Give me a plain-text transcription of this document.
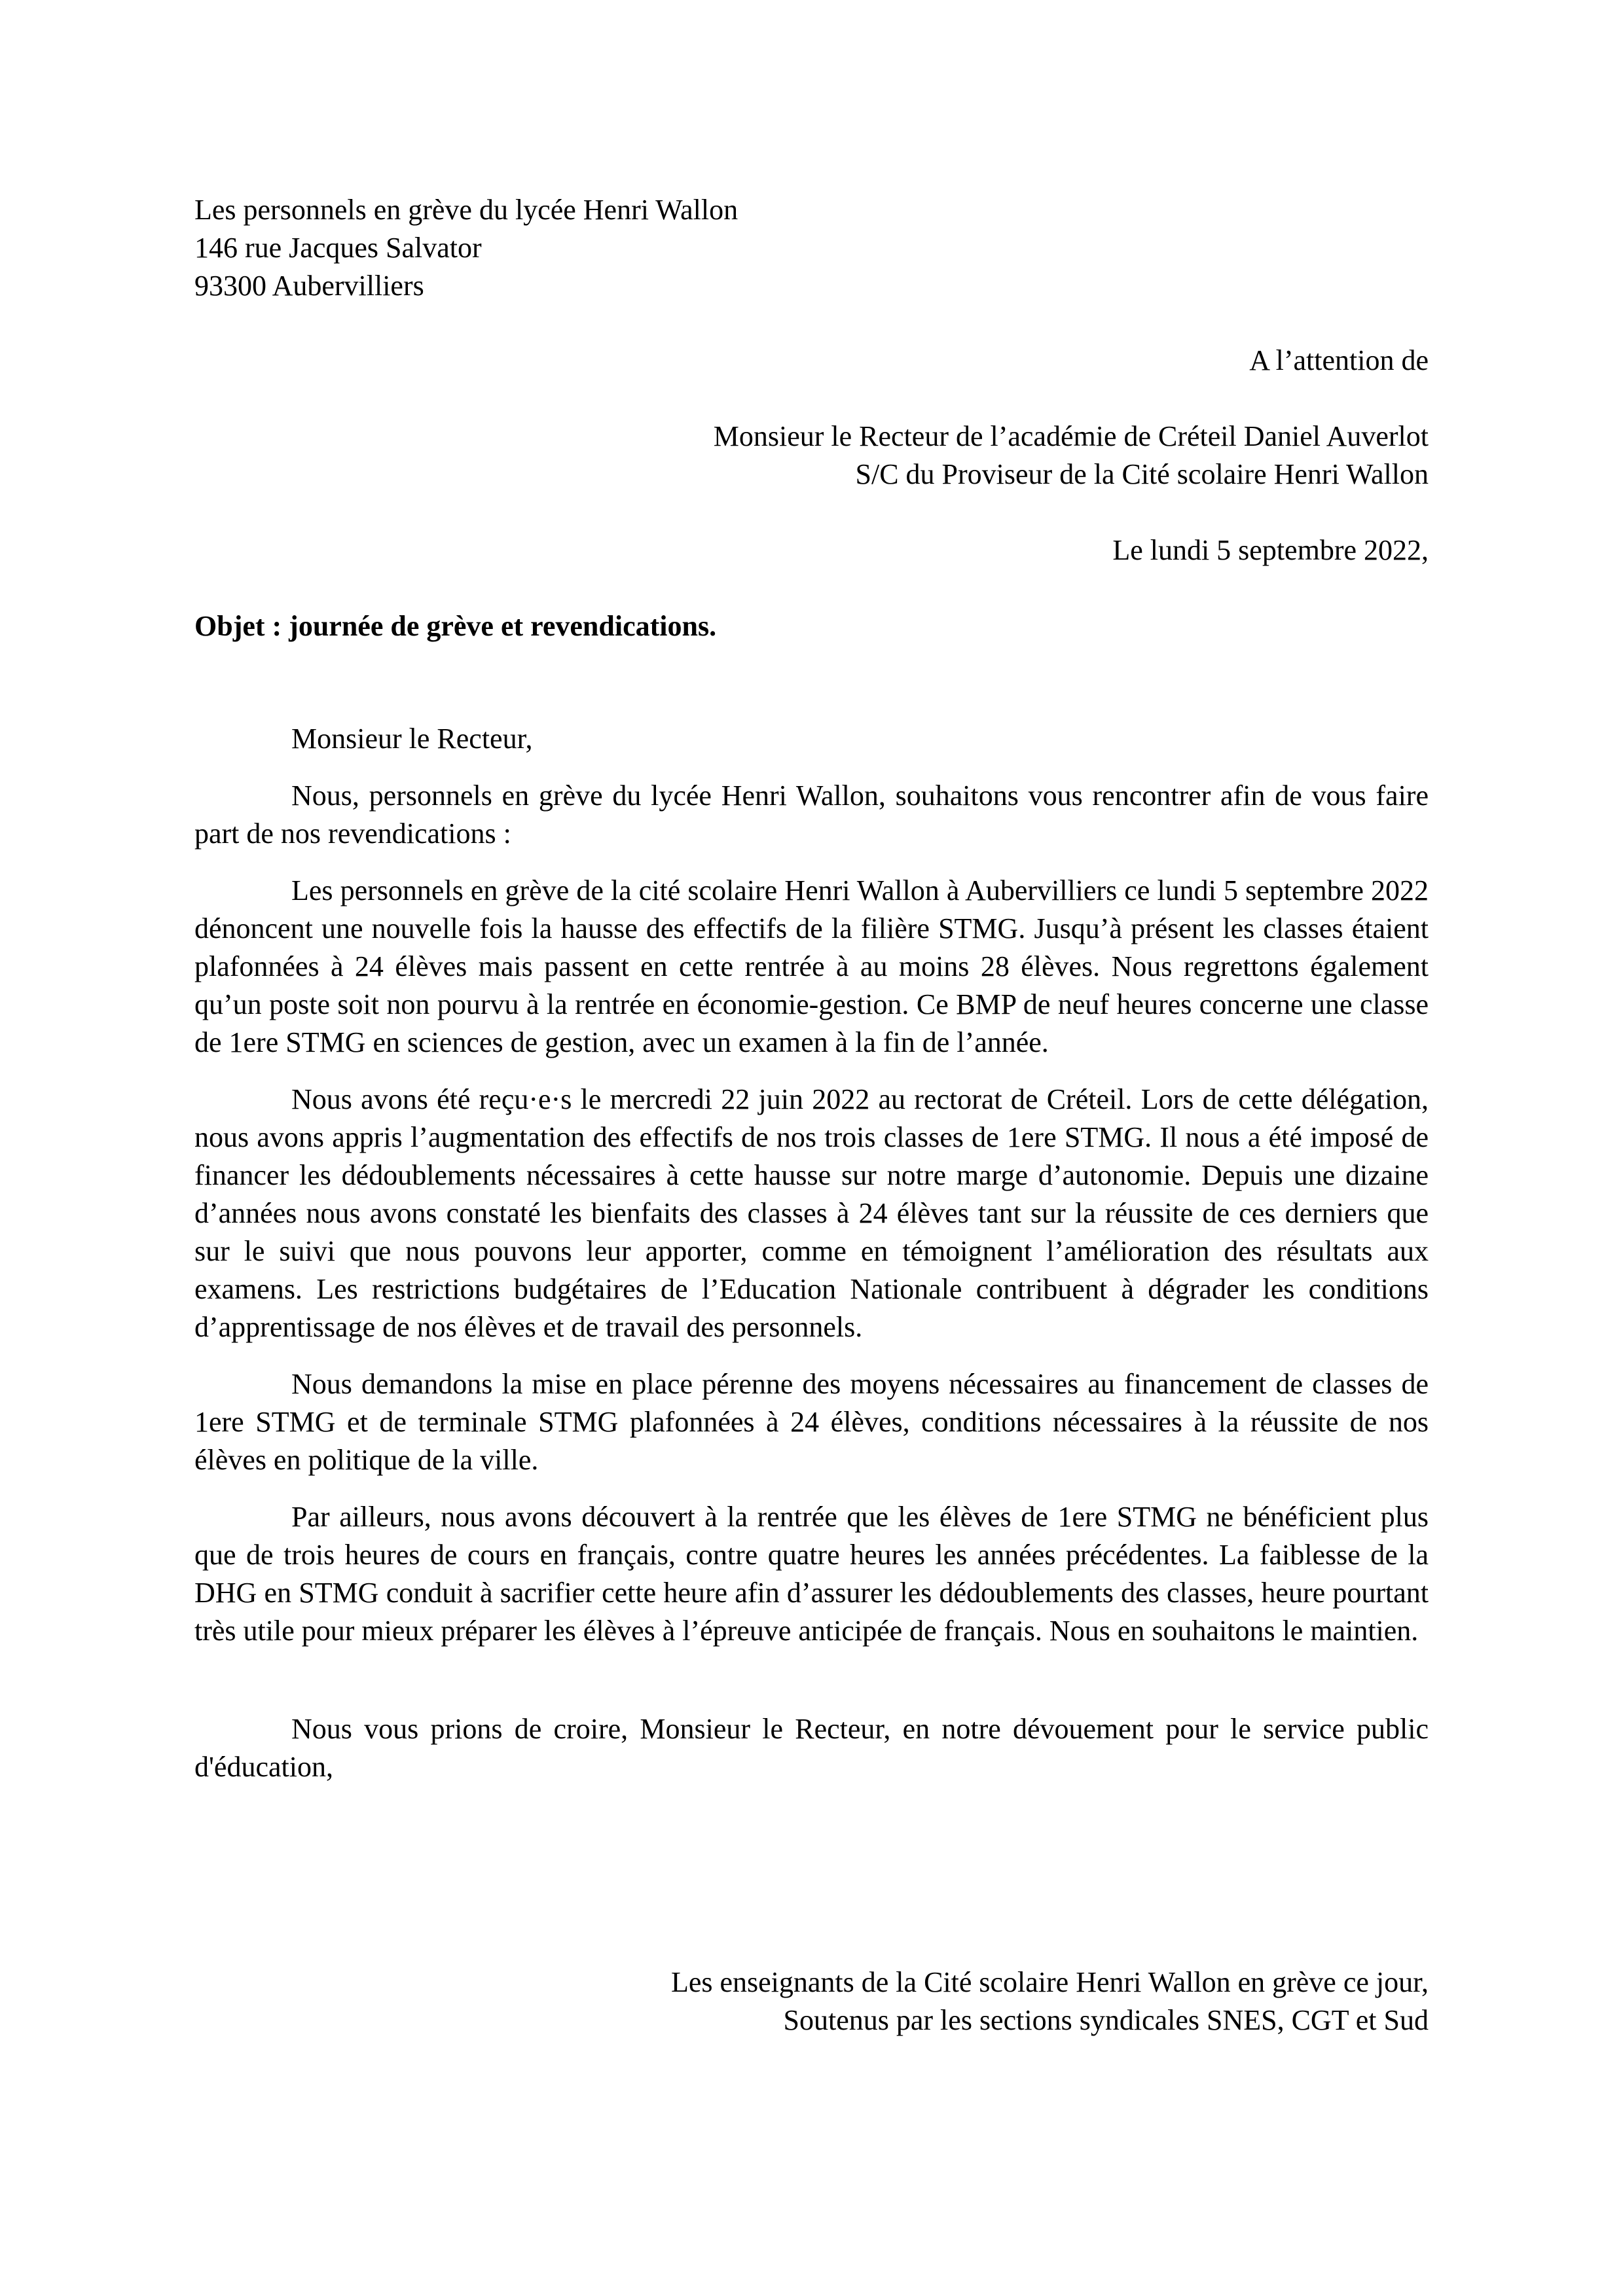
Les personnels en grève du lycée Henri Wallon
146 rue Jacques Salvator
93300 Aubervilliers
A l’attention de
Monsieur le Recteur de l’académie de Créteil Daniel Auverlot
S/C du Proviseur de la Cité scolaire Henri Wallon
Le lundi 5 septembre 2022,
Objet : journée de grève et revendications.

Monsieur le Recteur,

Nous, personnels en grève du lycée Henri Wallon, souhaitons vous rencontrer afin de vous faire part de nos revendications :

Les personnels en grève de la cité scolaire Henri Wallon à Aubervilliers ce lundi 5 septembre 2022 dénoncent une nouvelle fois la hausse des effectifs de la filière STMG. Jusqu’à présent les classes étaient plafonnées à 24 élèves mais passent en cette rentrée à au moins 28 élèves. Nous regrettons également qu’un poste soit non pourvu à la rentrée en économie-gestion. Ce BMP de neuf heures concerne une classe de 1ere STMG en sciences de gestion, avec un examen à la fin de l’année.

Nous avons été reçu·e·s le mercredi 22 juin 2022 au rectorat de Créteil. Lors de cette délégation, nous avons appris l’augmentation des effectifs de nos trois classes de 1ere STMG. Il nous a été imposé de financer les dédoublements nécessaires à cette hausse sur notre marge d’autonomie. Depuis une dizaine d’années nous avons constaté les bienfaits des classes à 24 élèves tant sur la réussite de ces derniers que sur le suivi que nous pouvons leur apporter, comme en témoignent l’amélioration des résultats aux examens. Les restrictions budgétaires de l’Education Nationale contribuent à dégrader les conditions d’apprentissage de nos élèves et de travail des personnels.

Nous demandons la mise en place pérenne des moyens nécessaires au financement de classes de 1ere STMG et de terminale STMG plafonnées à 24 élèves, conditions nécessaires à la réussite de nos élèves en politique de la ville.

Par ailleurs, nous avons découvert à la rentrée que les élèves de 1ere STMG ne bénéficient plus que de trois heures de cours en français, contre quatre heures les années précédentes. La faiblesse de la DHG en STMG conduit à sacrifier cette heure afin d’assurer les dédoublements des classes, heure pourtant très utile pour mieux préparer les élèves à l’épreuve anticipée de français. Nous en souhaitons le maintien.

Nous vous prions de croire, Monsieur le Recteur, en notre dévouement pour le service public d'éducation,

Les enseignants de la Cité scolaire Henri Wallon en grève ce jour,
Soutenus par les sections syndicales SNES, CGT et Sud
